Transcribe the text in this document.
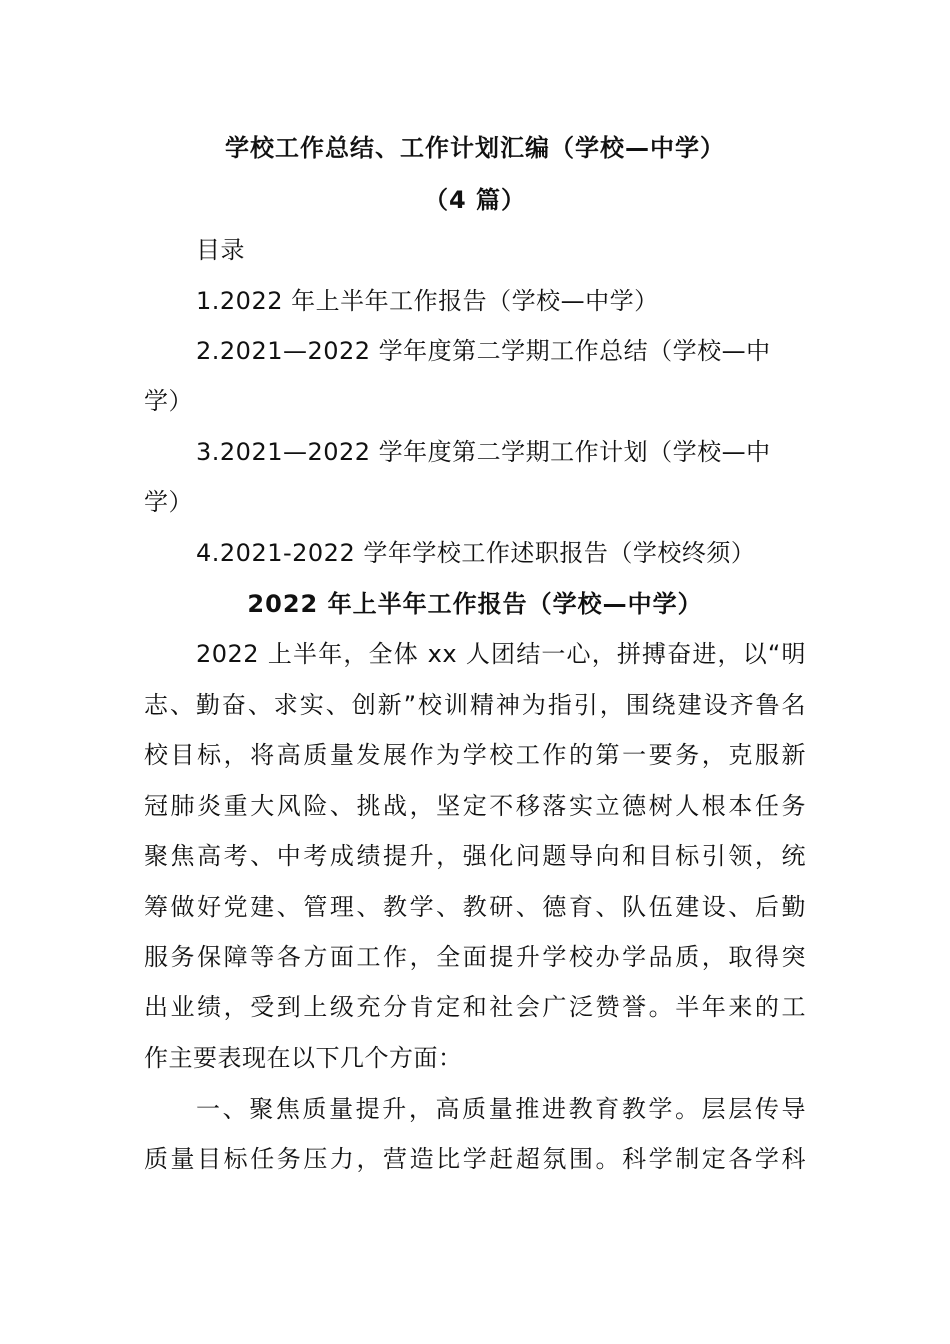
学校工作总结、工作计划汇编（学校—中学）
（4 篇）
目录
1.2022 年上半年工作报告（学校—中学）
2.2021—2022 学年度第二学期工作总结（学校—中
学）
3.2021—2022 学年度第二学期工作计划（学校—中
学）
4.2021-2022 学年学校工作述职报告（学校终须）
2022 年上半年工作报告（学校—中学）
2022 上半年，全体 xx 人团结一心，拼搏奋进，以“明
志、勤奋、求实、创新”校训精神为指引，围绕建设齐鲁名
校目标，将高质量发展作为学校工作的第一要务，克服新
冠肺炎重大风险、挑战，坚定不移落实立德树人根本任务
聚焦高考、中考成绩提升，强化问题导向和目标引领，统
筹做好党建、管理、教学、教研、德育、队伍建设、后勤
服务保障等各方面工作，全面提升学校办学品质，取得突
出业绩，受到上级充分肯定和社会广泛赞誉。半年来的工
作主要表现在以下几个方面：
一、聚焦质量提升，高质量推进教育教学。层层传导
质量目标任务压力，营造比学赶超氛围。科学制定各学科
